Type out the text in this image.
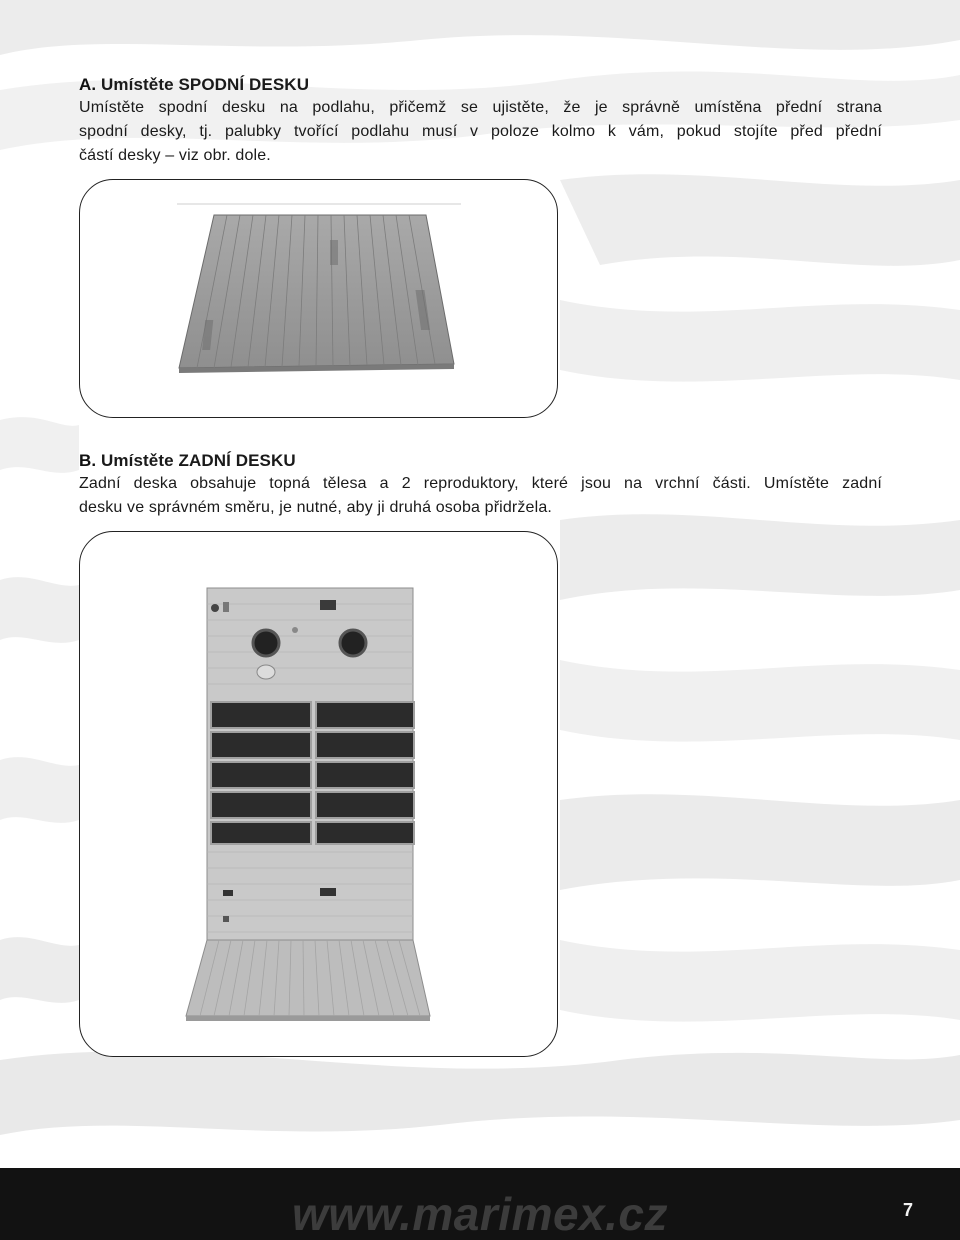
A. Umístěte SPODNÍ DESKU

Umístěte spodní desku na podlahu, přičemž se ujistěte, že je správně umístěna přední strana
spodní desky, tj. palubky tvořící podlahu musí v poloze kolmo k vám, pokud stojíte před přední
částí desky – viz obr. dole.

B. Umístěte ZADNÍ DESKU

Zadní deska obsahuje topná tělesa a 2 reproduktory, které jsou na vrchní části. Umístěte zadní
desku ve správném směru, je nutné, aby ji druhá osoba přidržela.

www.marimex.cz	7
